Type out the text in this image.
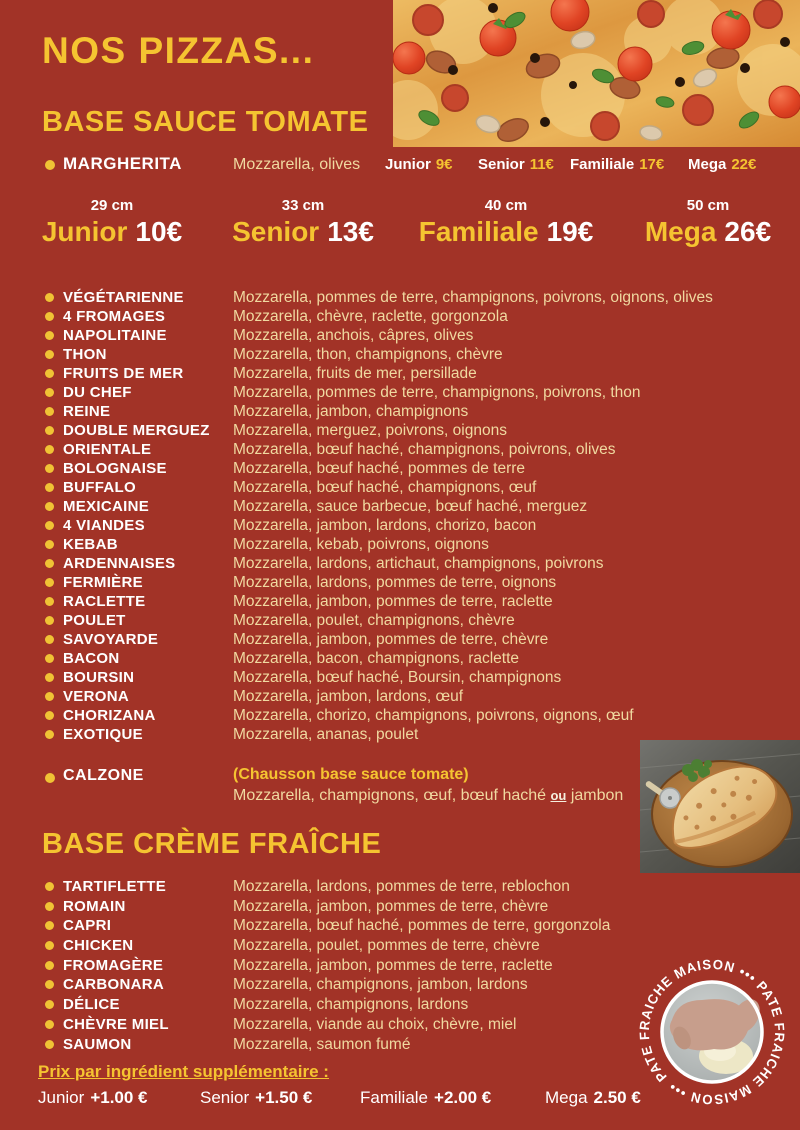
NOS PIZZAS...
BASE SAUCE TOMATE
MARGHERITA	Mozzarella, olives Junior 9€ Senior 11€ Familiale 17€ Mega 22€
29 cm
Junior 10€
33 cm
Senior 13€
40 cm
Familiale 19€
50 cm
Mega 26€
VÉGÉTARIENNE	Mozzarella, pommes de terre, champignons, poivrons, oignons, olives
4 FROMAGES	Mozzarella, chèvre, raclette, gorgonzola
NAPOLITAINE	Mozzarella, anchois, câpres, olives
THON	Mozzarella, thon, champignons, chèvre
FRUITS DE MER	Mozzarella, fruits de mer, persillade
DU CHEF	Mozzarella, pommes de terre, champignons, poivrons, thon
REINE	Mozzarella, jambon, champignons
DOUBLE MERGUEZ Mozzarella, merguez, poivrons, oignons
ORIENTALE	Mozzarella, bœuf haché, champignons, poivrons, olives
BOLOGNAISE	Mozzarella, bœuf haché, pommes de terre
BUFFALO	Mozzarella, bœuf haché, champignons, œuf
MEXICAINE	Mozzarella, sauce barbecue, bœuf haché, merguez
4 VIANDES	Mozzarella, jambon, lardons, chorizo, bacon
KEBAB	Mozzarella, kebab, poivrons, oignons
ARDENNAISES	Mozzarella, lardons, artichaut, champignons, poivrons
FERMIÈRE	Mozzarella, lardons, pommes de terre, oignons
RACLETTE	Mozzarella, jambon, pommes de terre, raclette
POULET	Mozzarella, poulet, champignons, chèvre
SAVOYARDE	Mozzarella, jambon, pommes de terre, chèvre
BACON	Mozzarella, bacon, champignons, raclette
BOURSIN	Mozzarella, bœuf haché, Boursin, champignons
VERONA	Mozzarella, jambon, lardons, œuf
CHORIZANA	Mozzarella, chorizo, champignons, poivrons, oignons, œuf
EXOTIQUE	Mozzarella, ananas, poulet
CALZONE	(Chausson base sauce tomate)
Mozzarella, champignons, œuf, bœuf haché ou jambon
BASE CRÈME FRAÎCHE
TARTIFLETTE	Mozzarella, lardons, pommes de terre, reblochon
ROMAIN	Mozzarella, jambon, pommes de terre, chèvre
CAPRI	Mozzarella, bœuf haché, pommes de terre, gorgonzola
CHICKEN	Mozzarella, poulet, pommes de terre, chèvre
FROMAGÈRE	Mozzarella, jambon, pommes de terre, raclette
CARBONARA	Mozzarella, champignons, jambon, lardons
DÉLICE	Mozzarella, champignons, lardons
CHÈVRE MIEL	Mozzarella, viande au choix, chèvre, miel
SAUMON	Mozzarella, saumon fumé
Prix par ingrédient supplémentaire :
Junior +1.00 €	Senior +1.50 €	Familiale +2.00 €	Mega 2.50 €
PATE FRAICHE MAISON ••• PATE FRAICHE MAISON •••
